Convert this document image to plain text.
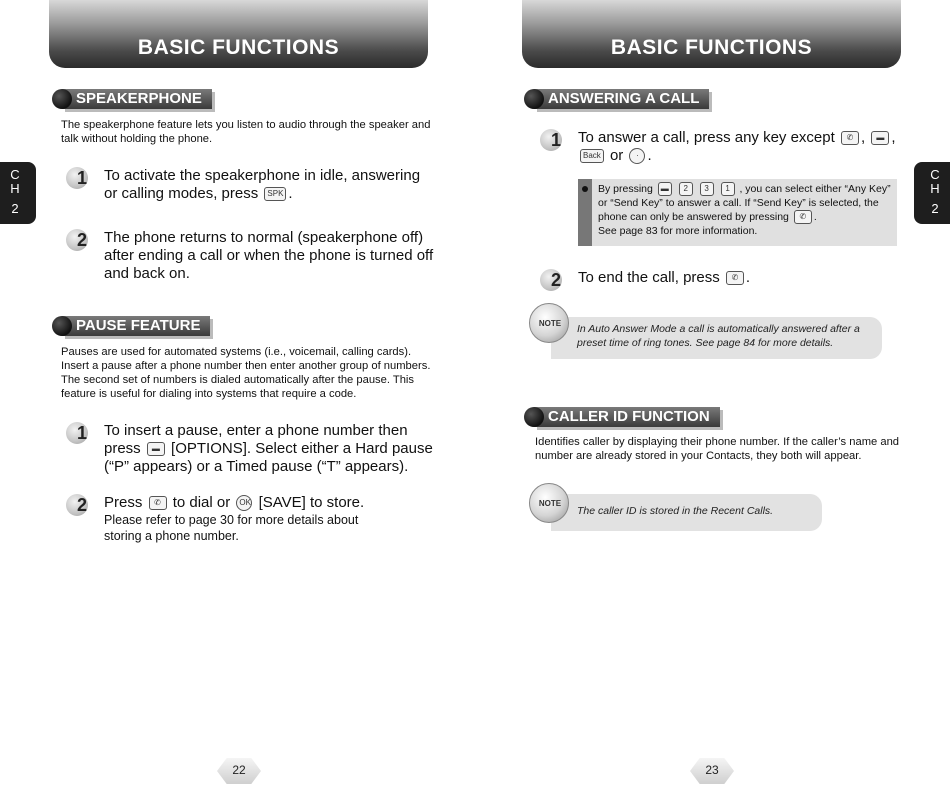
BASIC FUNCTIONS
C
H
2
SPEAKERPHONE
The speakerphone feature lets you listen to audio through the speaker and talk without holding the phone.
1 To activate the speakerphone in idle, answering
or calling modes, press SPK .
2 The phone returns to normal (speakerphone off) after ending a call or when the phone is turned off and back on.
PAUSE FEATURE
Pauses are used for automated systems (i.e., voicemail, calling cards). Insert a pause after a phone number then enter another group of numbers. The second set of numbers is dialed automatically after the pause. This feature is useful for dialing into systems that require a code.
1 To insert a pause, enter a phone number then
press ▬ [OPTIONS]. Select either a Hard pause
(“P” appears) or a Timed pause (“T” appears).
2 Press ✆ to dial or OK [SAVE] to store.
Please refer to page 30 for more details about storing a phone number.
22
BASIC FUNCTIONS
C
H
2
ANSWERING A CALL
1 To answer a call, press any key except ✆ , ▬ ,
Back or · .
By pressing ▬ 2 3 1 , you can select either “Any Key” or “Send Key” to answer a call. If “Send Key” is selected, the phone can only be answered by pressing ✆ .
See page 83 for more information.
2 To end the call, press ✆ .
NOTE	In Auto Answer Mode a call is automatically answered after a preset time of ring tones. See page 84 for more details.
CALLER ID FUNCTION
Identifies caller by displaying their phone number. If the caller’s name and number are already stored in your Contacts, they both will appear.
NOTE
The caller ID is stored in the Recent Calls.
23
